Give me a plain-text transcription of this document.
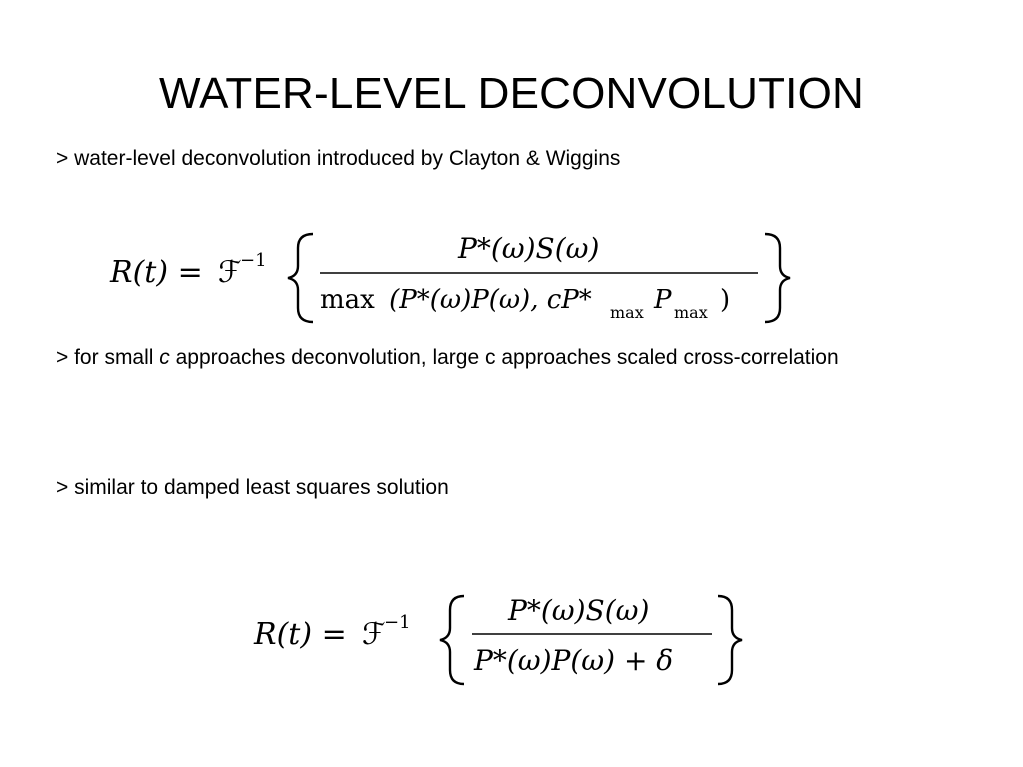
WATER-LEVEL DECONVOLUTION
> water-level deconvolution introduced by Clayton & Wiggins
R(t) = ℱ
−1	P*(ω)S(ω)
max (P*(ω)P(ω), cP* max P max )
> for small c approaches deconvolution, large c approaches scaled cross-correlation
> similar to damped least squares solution
R(t) = ℱ
−1	P*(ω)S(ω)
P*(ω)P(ω) + δ
